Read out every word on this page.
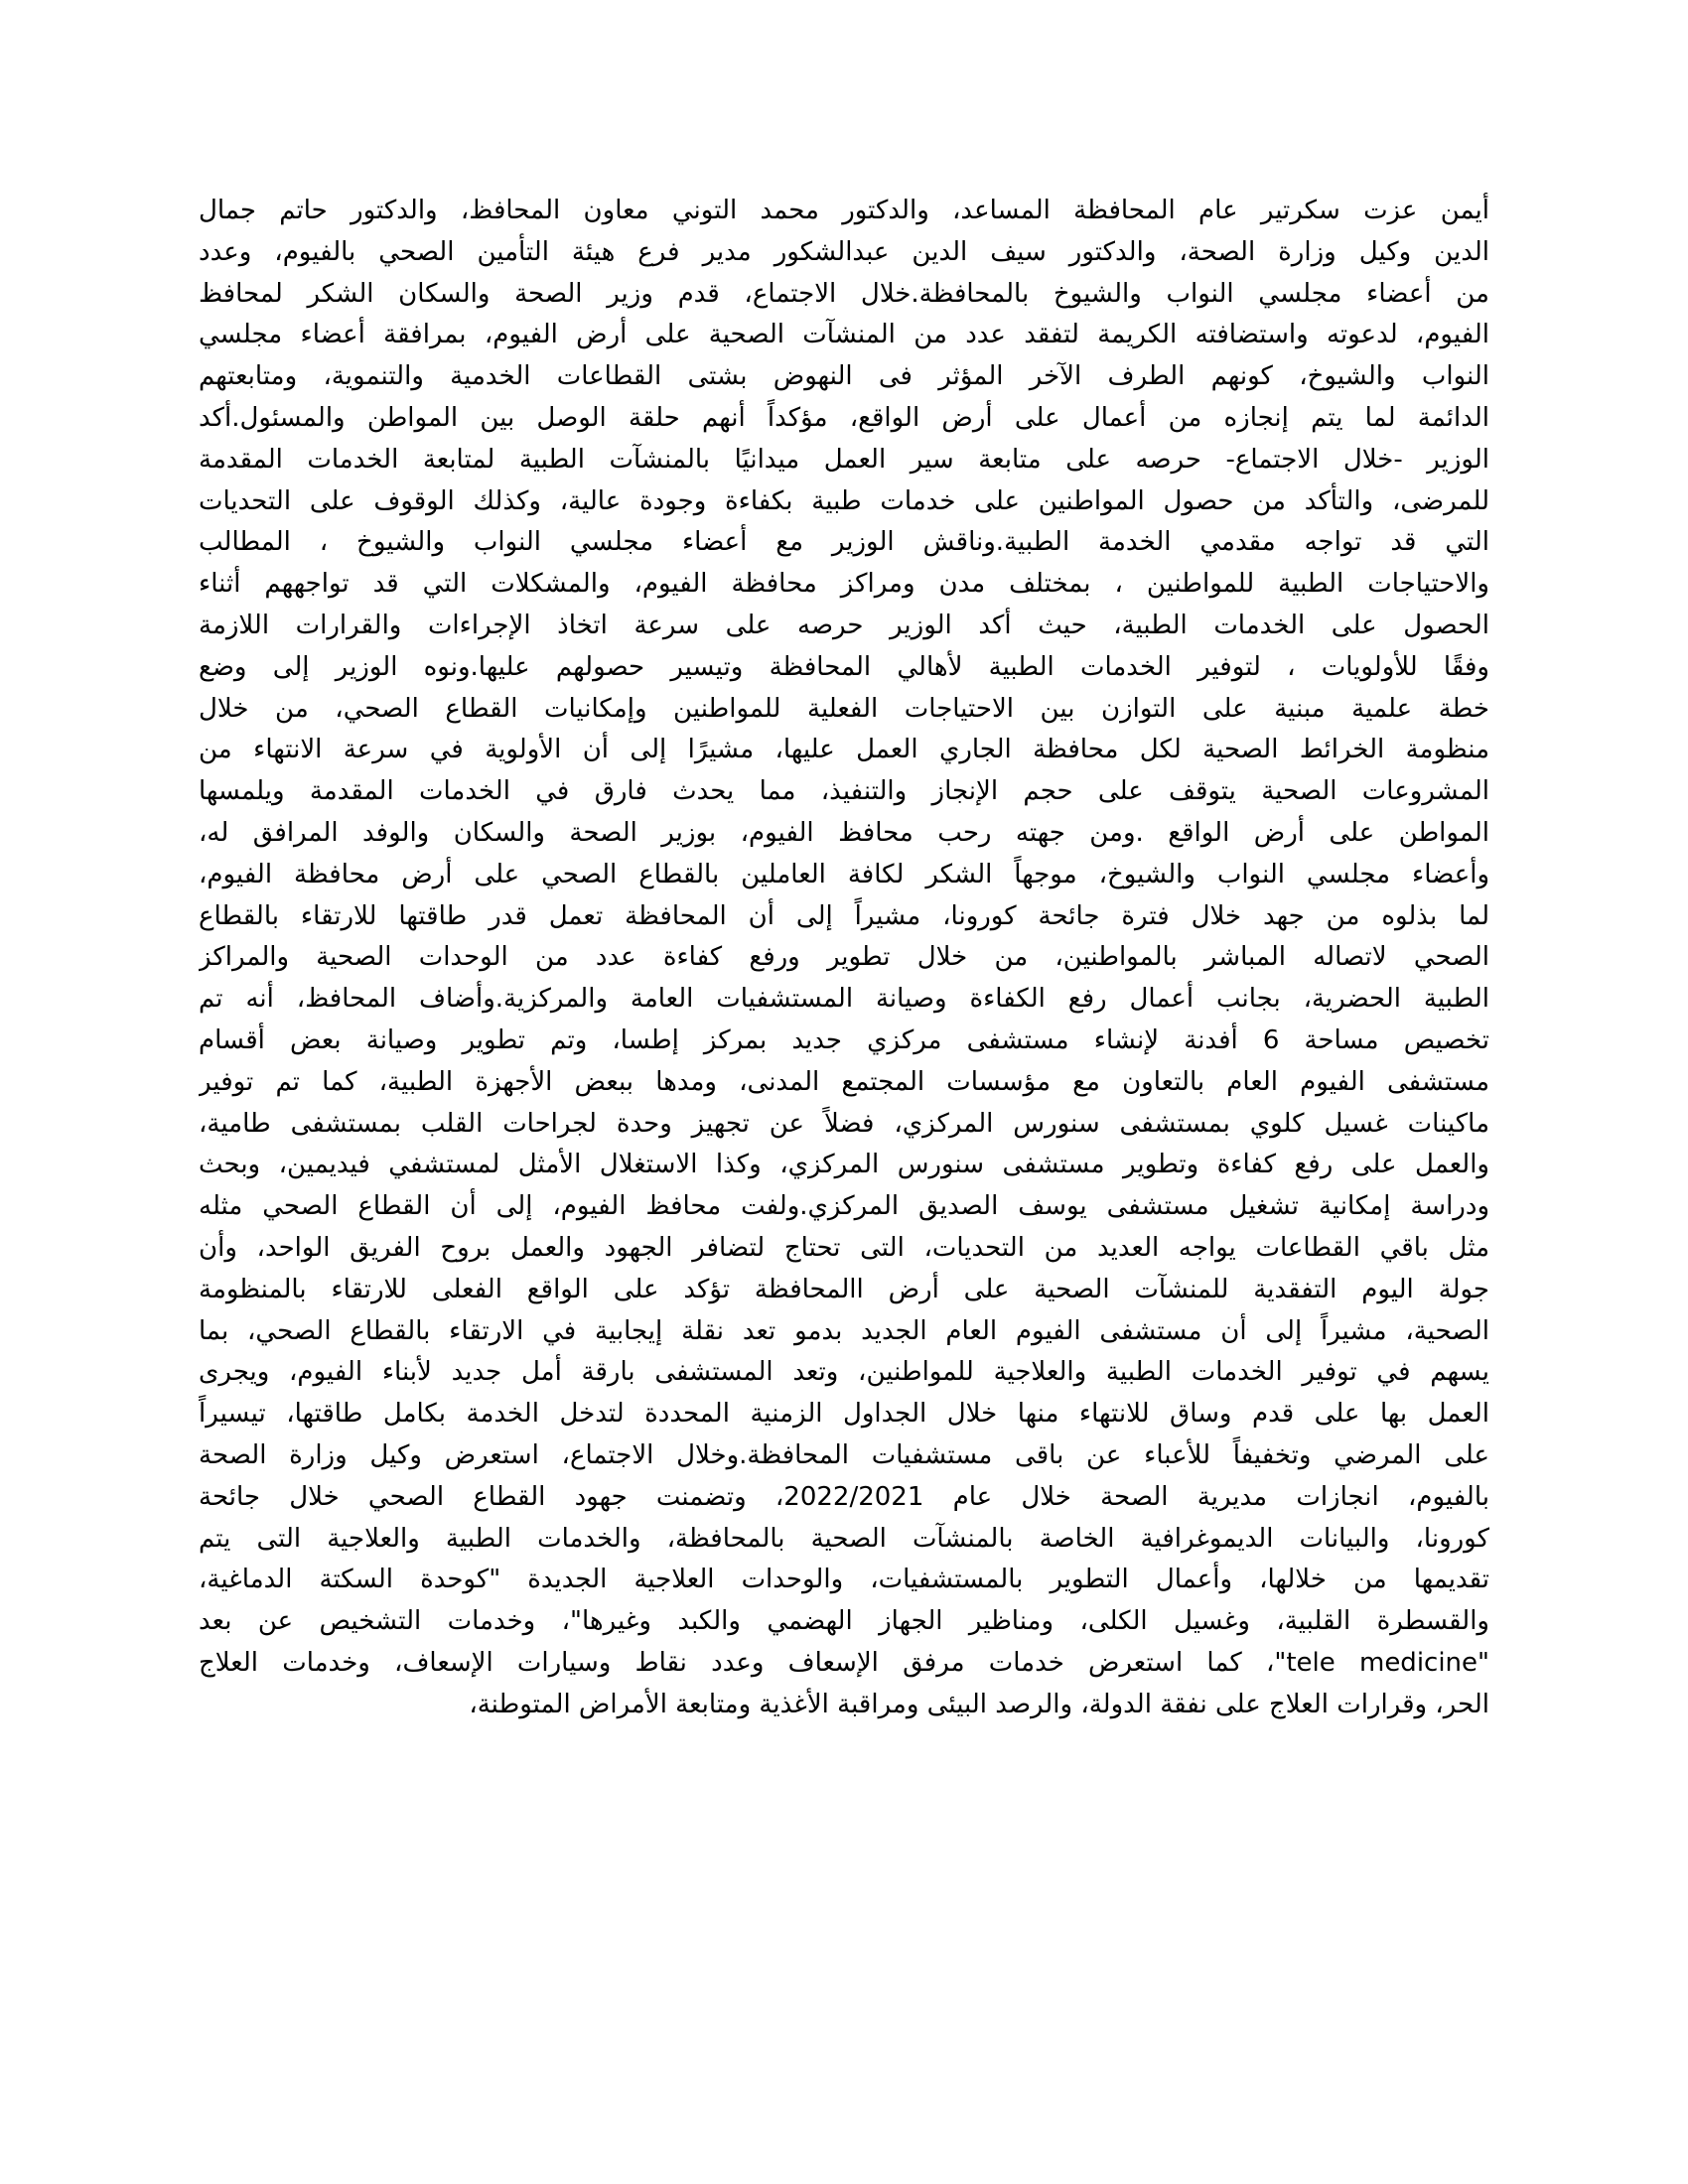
أيمن عزت سكرتير عام المحافظة المساعد، والدكتور محمد التوني معاون المحافظ، والدكتور حاتم جمال
الدين وكيل وزارة الصحة، والدكتور سيف الدين عبدالشكور مدير فرع هيئة التأمين الصحي بالفيوم، وعدد
من أعضاء مجلسي النواب والشيوخ بالمحافظة.خلال الاجتماع، قدم وزير الصحة والسكان الشكر لمحافظ
الفيوم، لدعوته واستضافته الكريمة لتفقد عدد من المنشآت الصحية على أرض الفيوم، بمرافقة أعضاء مجلسي
النواب والشيوخ، كونهم الطرف الآخر المؤثر فى النهوض بشتى القطاعات الخدمية والتنموية، ومتابعتهم
الدائمة لما يتم إنجازه من أعمال على أرض الواقع، مؤكداً أنهم حلقة الوصل بين المواطن والمسئول.أكد
الوزير -خلال الاجتماع- حرصه على متابعة سير العمل ميدانيًا بالمنشآت الطبية لمتابعة الخدمات المقدمة
للمرضى، والتأكد من حصول المواطنين على خدمات طبية بكفاءة وجودة عالية، وكذلك الوقوف على التحديات
التي قد تواجه مقدمي الخدمة الطبية.وناقش الوزير مع أعضاء مجلسي النواب والشيوخ ، المطالب
والاحتياجات الطبية للمواطنين ، بمختلف مدن ومراكز محافظة الفيوم، والمشكلات التي قد تواجههم أثناء
الحصول على الخدمات الطبية، حيث أكد الوزير حرصه على سرعة اتخاذ الإجراءات والقرارات اللازمة
وفقًا للأولويات ، لتوفير الخدمات الطبية لأهالي المحافظة وتيسير حصولهم عليها.ونوه الوزير إلى وضع
خطة علمية مبنية على التوازن بين الاحتياجات الفعلية للمواطنين وإمكانيات القطاع الصحي، من خلال
منظومة الخرائط الصحية لكل محافظة الجاري العمل عليها، مشيرًا إلى أن الأولوية في سرعة الانتهاء من
المشروعات الصحية يتوقف على حجم الإنجاز والتنفيذ، مما يحدث فارق في الخدمات المقدمة ويلمسها
المواطن على أرض الواقع .ومن جهته رحب محافظ الفيوم، بوزير الصحة والسكان والوفد المرافق له،
وأعضاء مجلسي النواب والشيوخ، موجهاً الشكر لكافة العاملين بالقطاع الصحي على أرض محافظة الفيوم،
لما بذلوه من جهد خلال فترة جائحة كورونا، مشيراً إلى أن المحافظة تعمل قدر طاقتها للارتقاء بالقطاع
الصحي لاتصاله المباشر بالمواطنين، من خلال تطوير ورفع كفاءة عدد من الوحدات الصحية والمراكز
الطبية الحضرية، بجانب أعمال رفع الكفاءة وصيانة المستشفيات العامة والمركزية.وأضاف المحافظ، أنه تم
تخصيص مساحة 6 أفدنة لإنشاء مستشفى مركزي جديد بمركز إطسا، وتم تطوير وصيانة بعض أقسام
مستشفى الفيوم العام بالتعاون مع مؤسسات المجتمع المدنى، ومدها ببعض الأجهزة الطبية، كما تم توفير
ماكينات غسيل كلوي بمستشفى سنورس المركزي، فضلاً عن تجهيز وحدة لجراحات القلب بمستشفى طامية،
والعمل على رفع كفاءة وتطوير مستشفى سنورس المركزي، وكذا الاستغلال الأمثل لمستشفي فيديمين، وبحث
ودراسة إمكانية تشغيل مستشفى يوسف الصديق المركزي.ولفت محافظ الفيوم، إلى أن القطاع الصحي مثله
مثل باقي القطاعات يواجه العديد من التحديات، التى تحتاج لتضافر الجهود والعمل بروح الفريق الواحد، وأن
جولة اليوم التفقدية للمنشآت الصحية على أرض االمحافظة تؤكد على الواقع الفعلى للارتقاء بالمنظومة
الصحية، مشيراً إلى أن مستشفى الفيوم العام الجديد بدمو تعد نقلة إيجابية في الارتقاء بالقطاع الصحي، بما
يسهم في توفير الخدمات الطبية والعلاجية للمواطنين، وتعد المستشفى بارقة أمل جديد لأبناء الفيوم، ويجرى
العمل بها على قدم وساق للانتهاء منها خلال الجداول الزمنية المحددة لتدخل الخدمة بكامل طاقتها، تيسيراً
على المرضي وتخفيفاً للأعباء عن باقى مستشفيات المحافظة.وخلال الاجتماع، استعرض وكيل وزارة الصحة
بالفيوم، انجازات مديرية الصحة خلال عام 2022/2021، وتضمنت جهود القطاع الصحي خلال جائحة
كورونا، والبيانات الديموغرافية الخاصة بالمنشآت الصحية بالمحافظة، والخدمات الطبية والعلاجية التى يتم
تقديمها من خلالها، وأعمال التطوير بالمستشفيات، والوحدات العلاجية الجديدة "كوحدة السكتة الدماغية،
والقسطرة القلبية، وغسيل الكلى، ومناظير الجهاز الهضمي والكبد وغيرها"، وخدمات التشخيص عن بعد
"tele medicine"، كما استعرض خدمات مرفق الإسعاف وعدد نقاط وسيارات الإسعاف، وخدمات العلاج
الحر، وقرارات العلاج على نفقة الدولة، والرصد البيئى ومراقبة الأغذية ومتابعة الأمراض المتوطنة،
